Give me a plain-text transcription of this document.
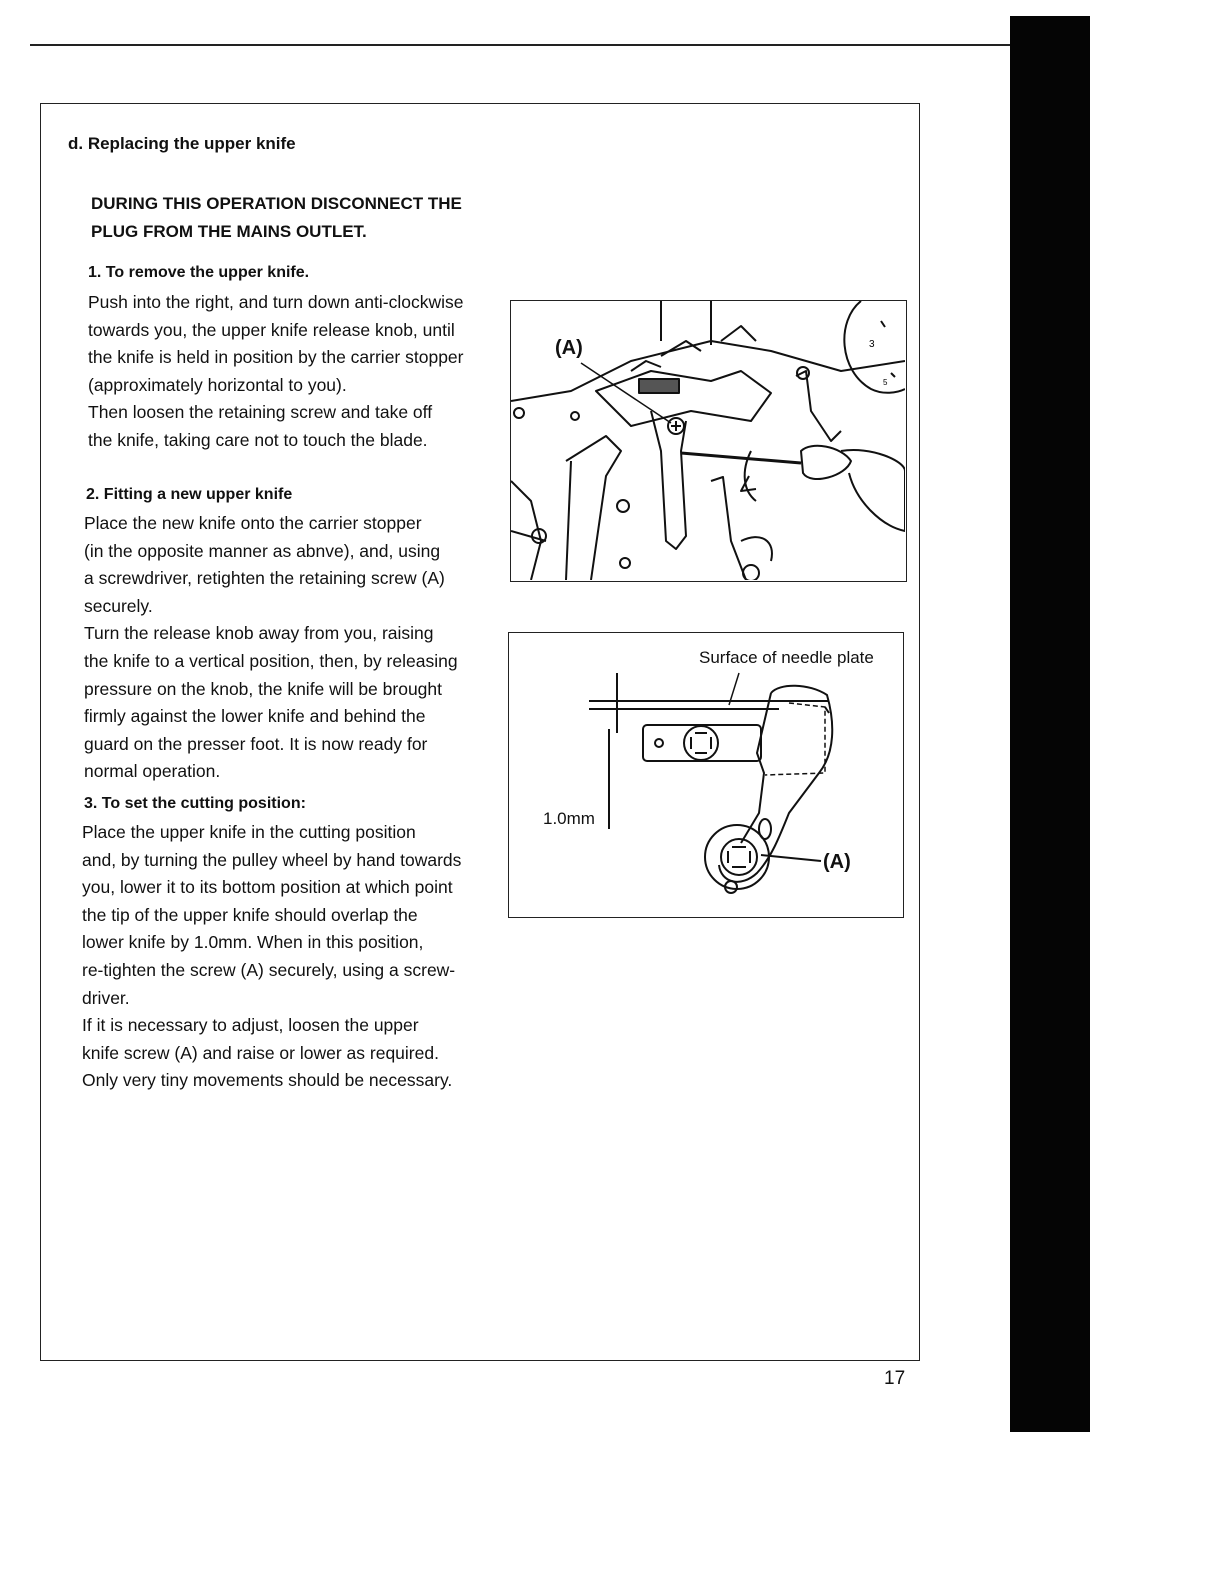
d. Replacing the upper knife
DURING THIS OPERATION DISCONNECT THE PLUG FROM THE MAINS OUTLET.
1. To remove the upper knife.
Push into the right, and turn down anti-clockwise
towards you, the upper knife release knob, until
the knife is held in position by the carrier stopper
(approximately horizontal to you).
Then loosen the retaining screw and take off
the knife, taking care not to touch the blade.
2. Fitting a new upper knife
Place the new knife onto the carrier stopper
(in the opposite manner as abnve), and, using
a screwdriver, retighten the retaining screw (A)
securely.
Turn the release knob away from you, raising
the knife to a vertical position, then, by releasing
pressure on the knob, the knife will be brought
firmly against the lower knife and behind the
guard on the presser foot. It is now ready for
normal operation.
3. To set the cutting position:
Place the upper knife in the cutting position
and, by turning the pulley wheel by hand towards
you, lower it to its bottom position at which point
the tip of the upper knife should overlap the
lower knife by 1.0mm. When in this position,
re-tighten the screw (A) securely, using a screw-
driver.
If it is necessary to adjust, loosen the upper
knife screw (A) and raise or lower as required.
Only very tiny movements should be necessary.
3
5
(A)
Surface of needle plate
1.0mm
(A)
17
